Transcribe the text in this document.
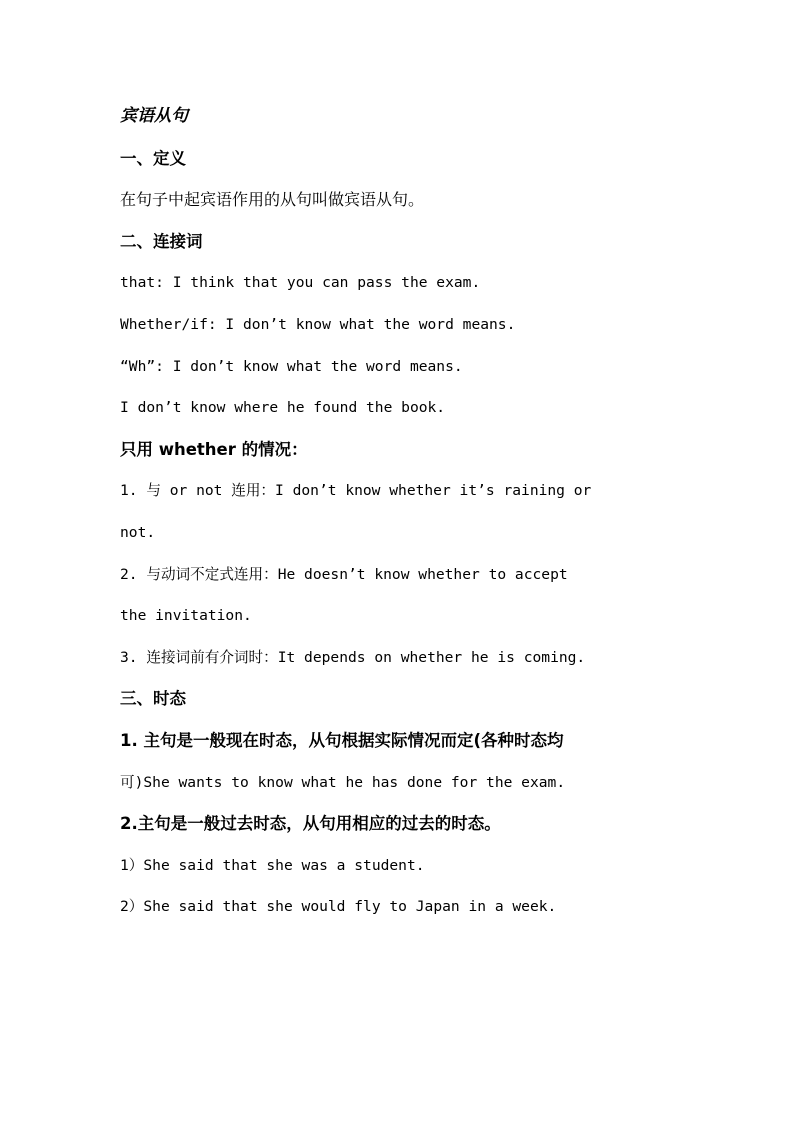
宾语从句
一、定义
在句子中起宾语作用的从句叫做宾语从句。
二、连接词
that: I think that you can pass the exam.
Whether/if: I don’t know what the word means.
“Wh”: I don’t know what the word means.
I don’t know where he found the book.
只用 whether 的情况：
1. 与 or not 连用：I don’t know whether it’s raining or
not.
2. 与动词不定式连用：He doesn’t know whether to accept
the invitation.
3. 连接词前有介词时：It depends on whether he is coming.
三、时态
1. 主句是一般现在时态，从句根据实际情况而定(各种时态均
可)She wants to know what he has done for the exam.
2.主句是一般过去时态，从句用相应的过去的时态。
1）She said that she was a student.
2）She said that she would fly to Japan in a week.
